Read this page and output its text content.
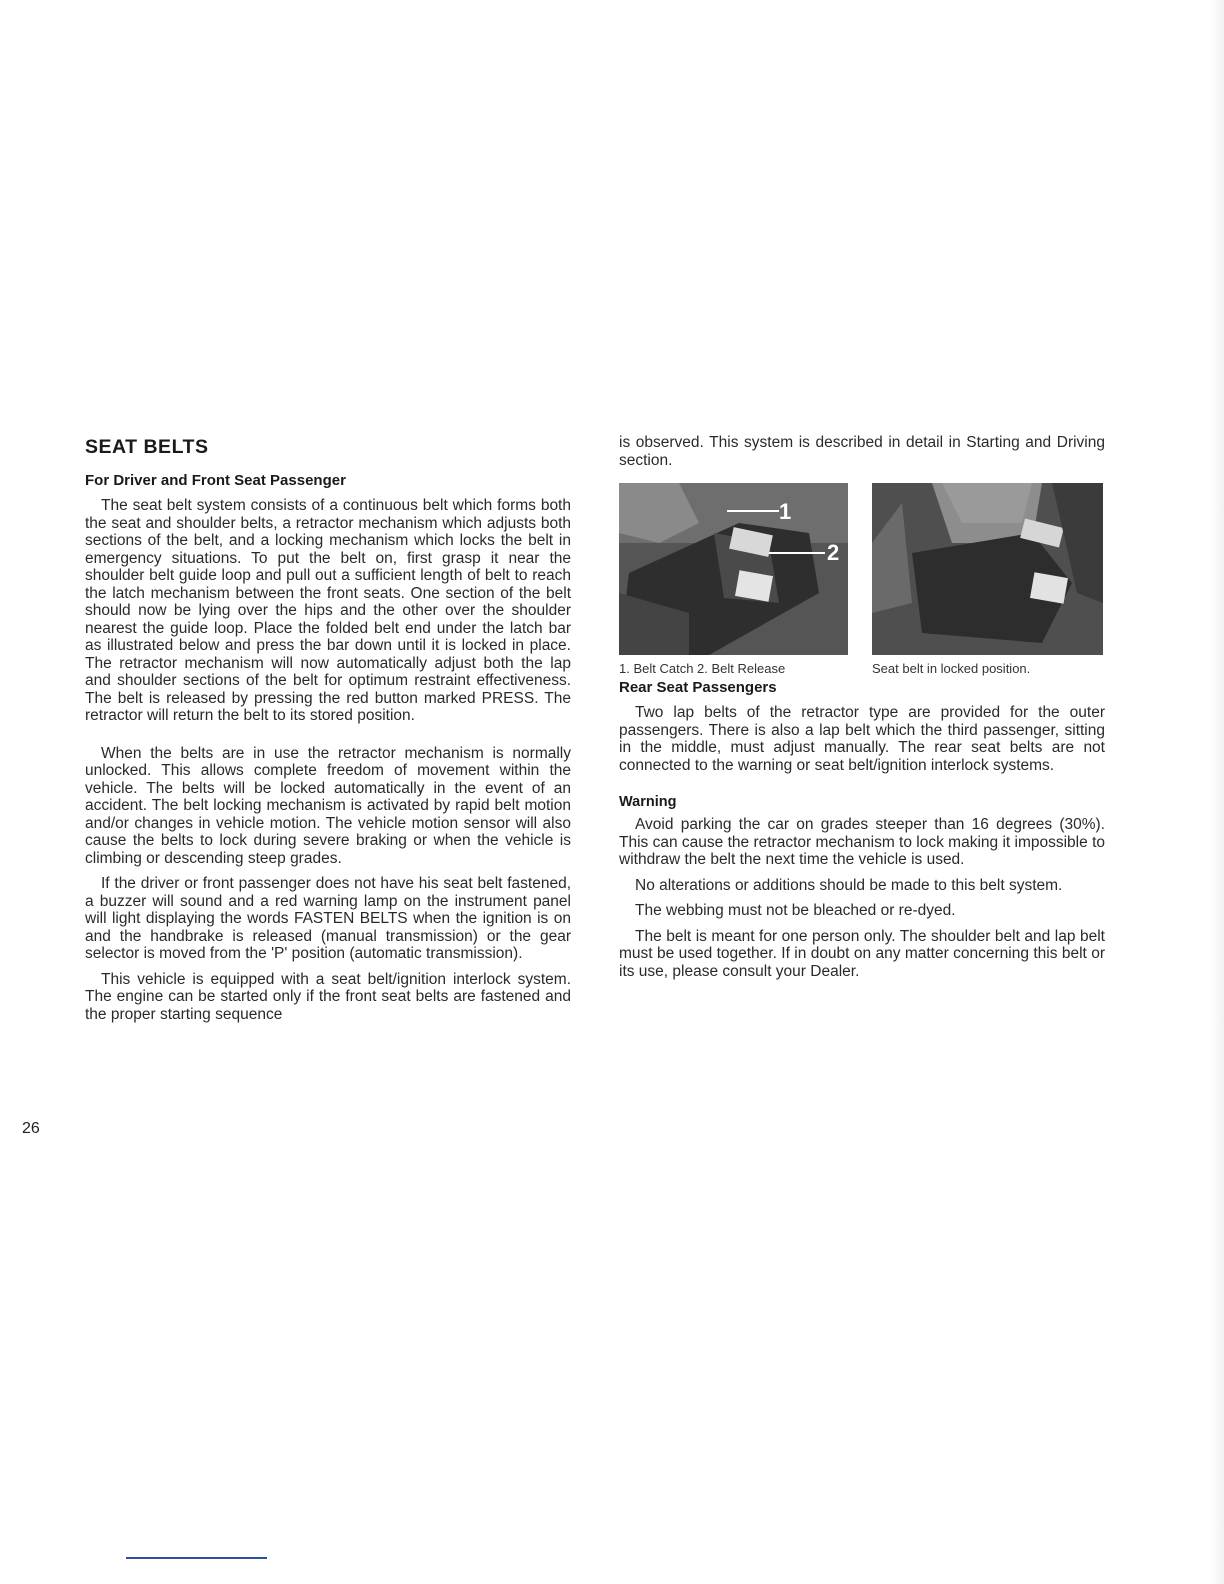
SEAT BELTS
For Driver and Front Seat Passenger

The seat belt system consists of a continuous belt which forms both the seat and shoulder belts, a retractor mechanism which adjusts both sections of the belt, and a locking mechanism which locks the belt in emergency situations. To put the belt on, first grasp it near the shoulder belt guide loop and pull out a sufficient length of belt to reach the latch mechanism between the front seats. One section of the belt should now be lying over the hips and the other over the shoulder nearest the guide loop. Place the folded belt end under the latch bar as illustrated below and press the bar down until it is locked in place. The retractor mechanism will now automatically adjust both the lap and shoulder sections of the belt for optimum restraint effectiveness. The belt is released by pressing the red button marked PRESS. The retractor will return the belt to its stored position.

When the belts are in use the retractor mechanism is normally unlocked. This allows complete freedom of movement within the vehicle. The belts will be locked automatically in the event of an accident. The belt locking mechanism is activated by rapid belt motion and/or changes in vehicle motion. The vehicle motion sensor will also cause the belts to lock during severe braking or when the vehicle is climbing or descending steep grades.

If the driver or front passenger does not have his seat belt fastened, a buzzer will sound and a red warning lamp on the instrument panel will light displaying the words FASTEN BELTS when the ignition is on and the handbrake is released (manual transmission) or the gear selector is moved from the 'P' position (automatic transmission).

This vehicle is equipped with a seat belt/ignition interlock system. The engine can be started only if the front seat belts are fastened and the proper starting sequence

26

is observed. This system is described in detail in Starting and Driving section.

1
2
1. Belt Catch 2. Belt Release	Seat belt in locked position.
Rear Seat Passengers

Two lap belts of the retractor type are provided for the outer passengers. There is also a lap belt which the third passenger, sitting in the middle, must adjust manually. The rear seat belts are not connected to the warning or seat belt/ignition interlock systems.

Warning

Avoid parking the car on grades steeper than 16 degrees (30%). This can cause the retractor mechanism to lock making it impossible to withdraw the belt the next time the vehicle is used.

No alterations or additions should be made to this belt system.

The webbing must not be bleached or re-dyed.

The belt is meant for one person only. The shoulder belt and lap belt must be used together. If in doubt on any matter concerning this belt or its use, please consult your Dealer.
